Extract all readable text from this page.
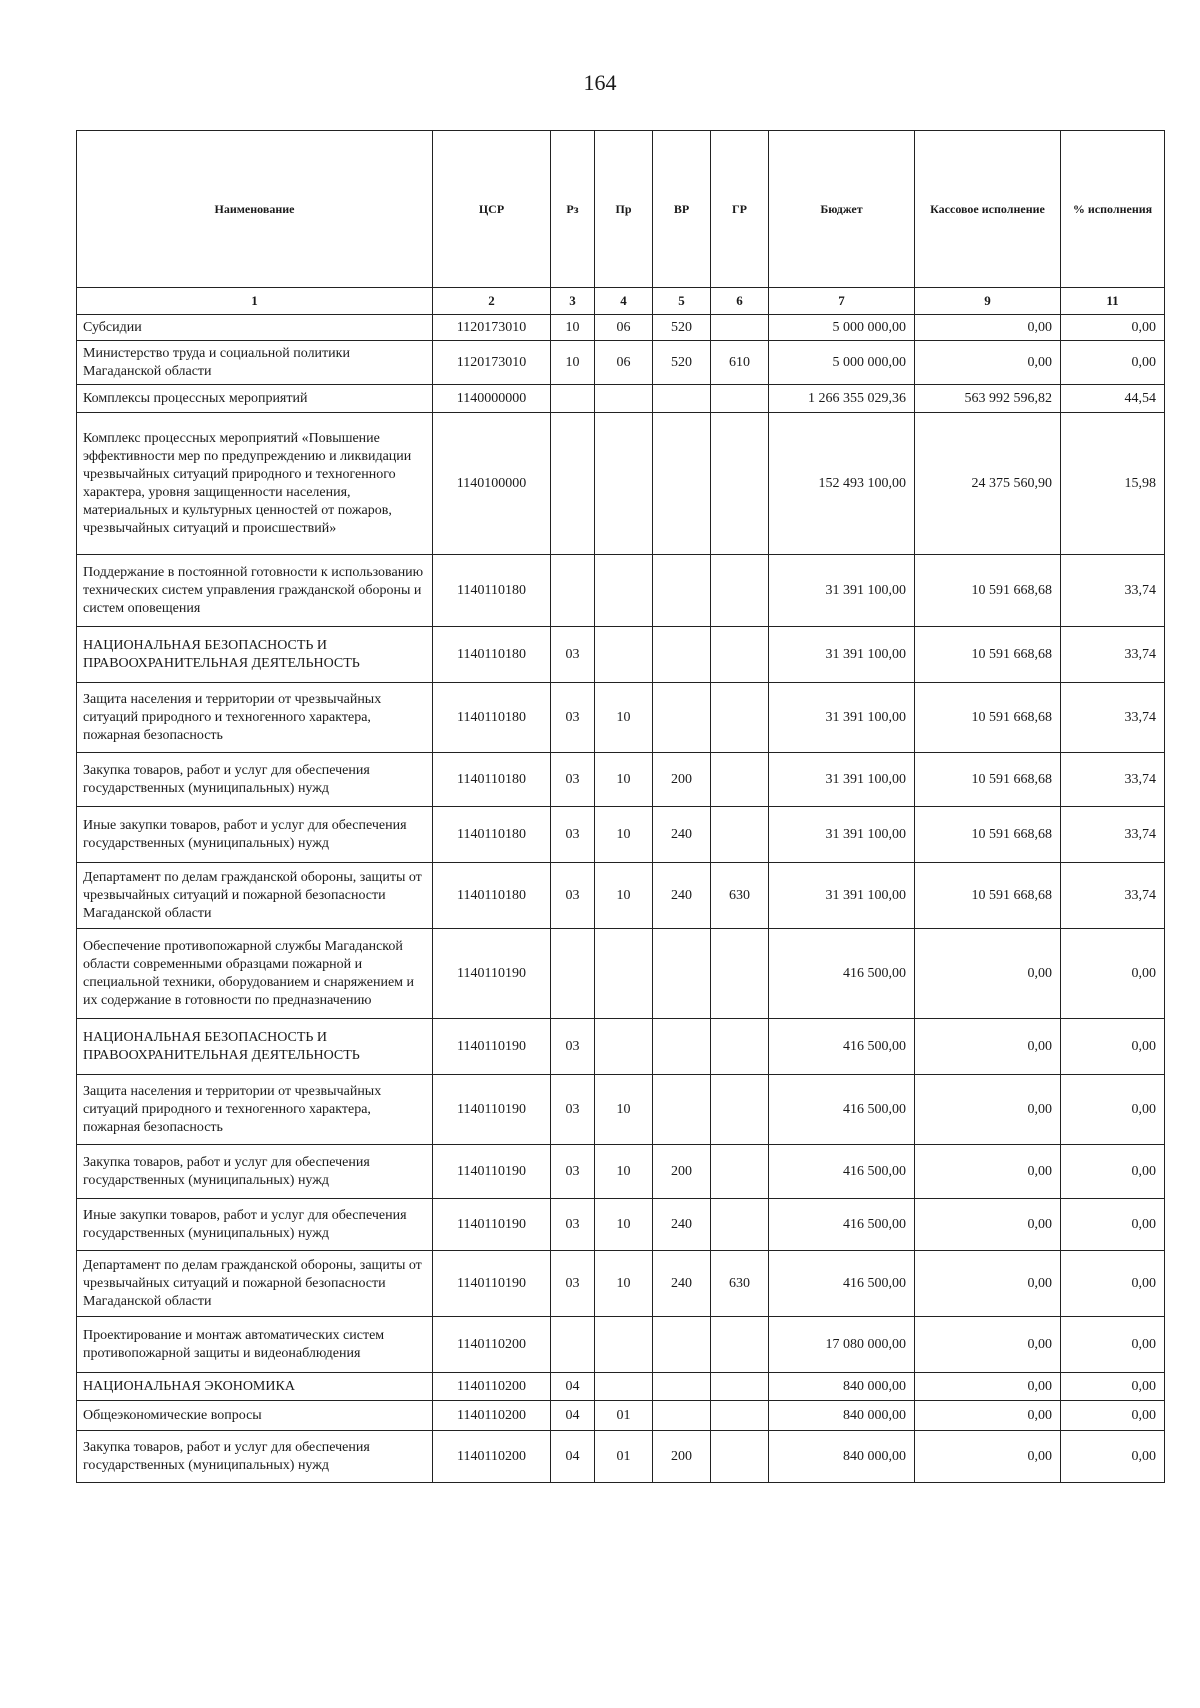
164
Наименование	ЦСР	Рз	Пр	ВР	ГР	Бюджет	Кассовое исполнение	% исполнения
1	2	3	4	5	6	7	9	11
Субсидии	1120173010	10	06	520		5 000 000,00	0,00	0,00
Министерство труда и социальной политики Магаданской области	1120173010	10	06	520	610	5 000 000,00	0,00	0,00
Комплексы процессных мероприятий	1140000000					1 266 355 029,36	563 992 596,82	44,54
Комплекс процессных мероприятий «Повышение эффективности мер по предупреждению и ликвидации чрезвычайных ситуаций природного и техногенного характера, уровня защищенности населения, материальных и культурных ценностей от пожаров, чрезвычайных ситуаций и происшествий»	1140100000					152 493 100,00	24 375 560,90	15,98
Поддержание в постоянной готовности к использованию технических систем управления гражданской обороны и систем оповещения	1140110180					31 391 100,00	10 591 668,68	33,74
НАЦИОНАЛЬНАЯ БЕЗОПАСНОСТЬ И ПРАВООХРАНИТЕЛЬНАЯ ДЕЯТЕЛЬНОСТЬ	1140110180	03				31 391 100,00	10 591 668,68	33,74
Защита населения и территории от чрезвычайных ситуаций природного и техногенного характера, пожарная безопасность	1140110180	03	10			31 391 100,00	10 591 668,68	33,74
Закупка товаров, работ и услуг для обеспечения государственных (муниципальных) нужд	1140110180	03	10	200		31 391 100,00	10 591 668,68	33,74
Иные закупки товаров, работ и услуг для обеспечения государственных (муниципальных) нужд	1140110180	03	10	240		31 391 100,00	10 591 668,68	33,74
Департамент по делам гражданской обороны, защиты от чрезвычайных ситуаций и пожарной безопасности Магаданской области	1140110180	03	10	240	630	31 391 100,00	10 591 668,68	33,74
Обеспечение противопожарной службы Магаданской области современными образцами пожарной и специальной техники, оборудованием и снаряжением и их содержание в готовности по предназначению	1140110190					416 500,00	0,00	0,00
НАЦИОНАЛЬНАЯ БЕЗОПАСНОСТЬ И ПРАВООХРАНИТЕЛЬНАЯ ДЕЯТЕЛЬНОСТЬ	1140110190	03				416 500,00	0,00	0,00
Защита населения и территории от чрезвычайных ситуаций природного и техногенного характера, пожарная безопасность	1140110190	03	10			416 500,00	0,00	0,00
Закупка товаров, работ и услуг для обеспечения государственных (муниципальных) нужд	1140110190	03	10	200		416 500,00	0,00	0,00
Иные закупки товаров, работ и услуг для обеспечения государственных (муниципальных) нужд	1140110190	03	10	240		416 500,00	0,00	0,00
Департамент по делам гражданской обороны, защиты от чрезвычайных ситуаций и пожарной безопасности Магаданской области	1140110190	03	10	240	630	416 500,00	0,00	0,00
Проектирование и монтаж автоматических систем противопожарной защиты и видеонаблюдения	1140110200					17 080 000,00	0,00	0,00
НАЦИОНАЛЬНАЯ ЭКОНОМИКА	1140110200	04				840 000,00	0,00	0,00
Общеэкономические вопросы	1140110200	04	01			840 000,00	0,00	0,00
Закупка товаров, работ и услуг для обеспечения государственных (муниципальных) нужд	1140110200	04	01	200		840 000,00	0,00	0,00
